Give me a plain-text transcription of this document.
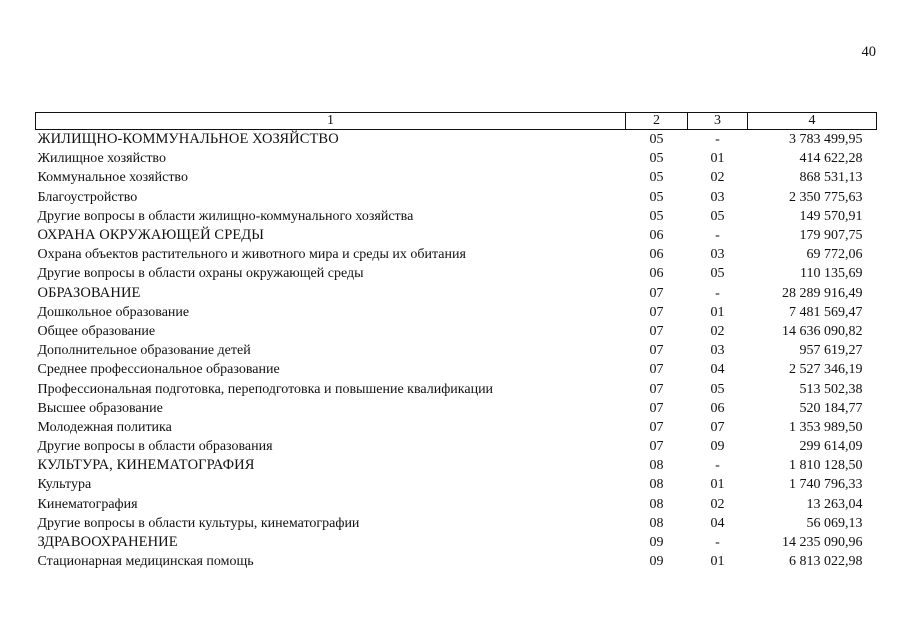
40
1	2	3	4
ЖИЛИЩНО-КОММУНАЛЬНОЕ ХОЗЯЙСТВО	05	-	3 783 499,95
Жилищное хозяйство	05	01	414 622,28
Коммунальное хозяйство	05	02	868 531,13
Благоустройство	05	03	2 350 775,63
Другие вопросы в области жилищно-коммунального хозяйства	05	05	149 570,91
ОХРАНА ОКРУЖАЮЩЕЙ СРЕДЫ	06	-	179 907,75
Охрана объектов растительного и животного мира и среды их обитания	06	03	69 772,06
Другие вопросы в области охраны окружающей среды	06	05	110 135,69
ОБРАЗОВАНИЕ	07	-	28 289 916,49
Дошкольное образование	07	01	7 481 569,47
Общее образование	07	02	14 636 090,82
Дополнительное образование детей	07	03	957 619,27
Среднее профессиональное образование	07	04	2 527 346,19
Профессиональная подготовка, переподготовка и повышение квалификации	07	05	513 502,38
Высшее образование	07	06	520 184,77
Молодежная политика	07	07	1 353 989,50
Другие вопросы в области образования	07	09	299 614,09
КУЛЬТУРА, КИНЕМАТОГРАФИЯ	08	-	1 810 128,50
Культура	08	01	1 740 796,33
Кинематография	08	02	13 263,04
Другие вопросы в области культуры, кинематографии	08	04	56 069,13
ЗДРАВООХРАНЕНИЕ	09	-	14 235 090,96
Стационарная медицинская помощь	09	01	6 813 022,98
